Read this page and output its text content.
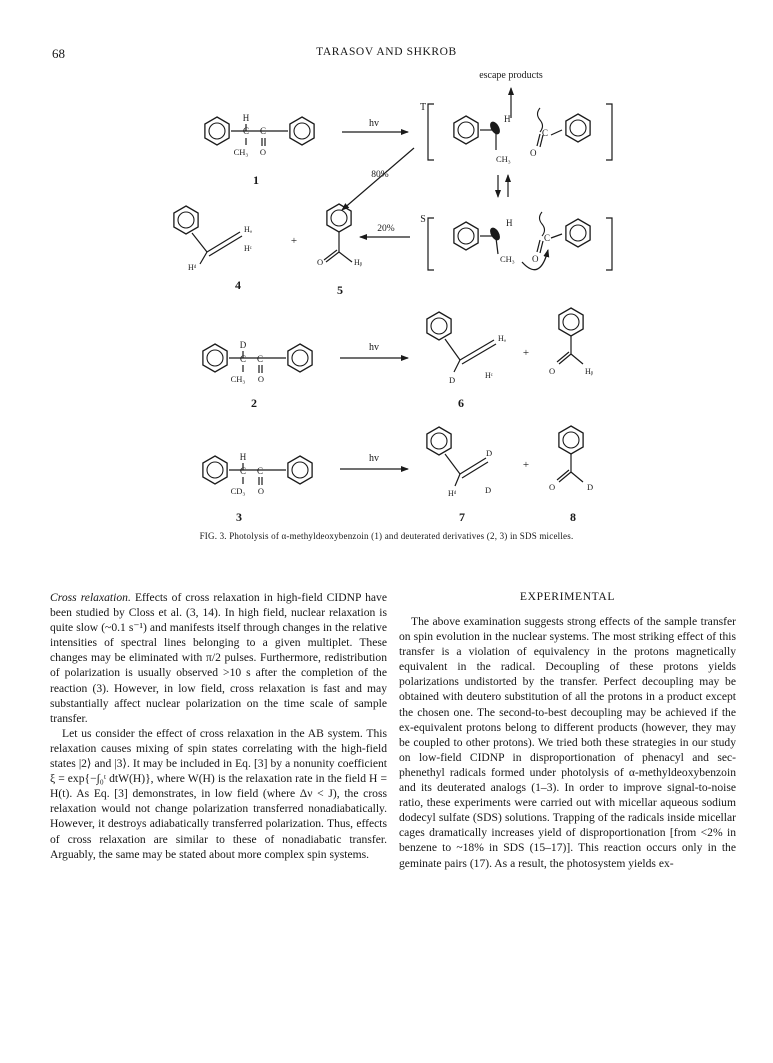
68	TARASOV AND SHKROB
escape products
H
C C
CH₃ O
1
hv
T
H
CH₃
C
O
80%
20%
S	H
CH₃
C
O
Hₐ
Hᶜ
Hᵈ
+
O	Hᵦ
4	5
D
C C
CH₃ O
2
hv
Hₐ
D	Hᶜ
+
O	Hᵦ
6
H
C C
CD₃ O
3
hv	D
Hᵈ	D
+
O	D
7	8
FIG. 3. Photolysis of α-methyldeoxybenzoin (1) and deuterated derivatives (2, 3) in SDS micelles.

Cross relaxation. Effects of cross relaxation in high-field CIDNP have been studied by Closs et al. (3, 14). In high field, nuclear relaxation is quite slow (~0.1 s⁻¹) and manifests itself through changes in the relative intensities of spectral lines belonging to a given multiplet. These changes may be eliminated with π/2 pulses. Furthermore, redistribution of polarization is usually observed >10 s after the completion of the reaction (3). However, in low field, cross relaxation is fast and may substantially affect nuclear polarization on the time scale of sample transfer.

Let us consider the effect of cross relaxation in the AB system. This relaxation causes mixing of spin states correlating with the high-field states |2⟩ and |3⟩. It may be included in Eq. [3] by a nonunity coefficient ξ = exp{−∫₀ᵗ dtW(H)}, where W(H) is the relaxation rate in the field H = H(t). As Eq. [3] demonstrates, in low field (where Δν < J), the cross relaxation would not change polarization transferred nonadiabatically. However, it destroys adiabatically transferred polarization. Thus, effects of cross relaxation are similar to these of nonadiabatic transfer. Arguably, the same may be stated about more complex spin systems.

EXPERIMENTAL

The above examination suggests strong effects of the sample transfer on spin evolution in the nuclear systems. The most striking effect of this transfer is a violation of equivalency in the protons magnetically equivalent in the radical. Decoupling of these protons yields polarizations undistorted by the transfer. Perfect decoupling may be obtained with deutero substitution of all the protons in a product except the chosen one. The second-to-best decoupling may be achieved if the ex-equivalent protons belong to different products (however, they may be coupled to other protons). We tried both these strategies in our study on low-field CIDNP in disproportionation of phenacyl and sec-phenethyl radicals formed under photolysis of α-methyldeoxybenzoin and its deuterated analogs (1–3). In order to improve signal-to-noise ratio, these experiments were carried out with micellar aqueous sodium dodecyl sulfate (SDS) solutions. Trapping of the radicals inside micellar cages dramatically increases yield of disproportionation [from <2% in benzene to ~18% in SDS (15–17)]. This reaction occurs only in the geminate pairs (17). As a result, the photosystem yields ex-
